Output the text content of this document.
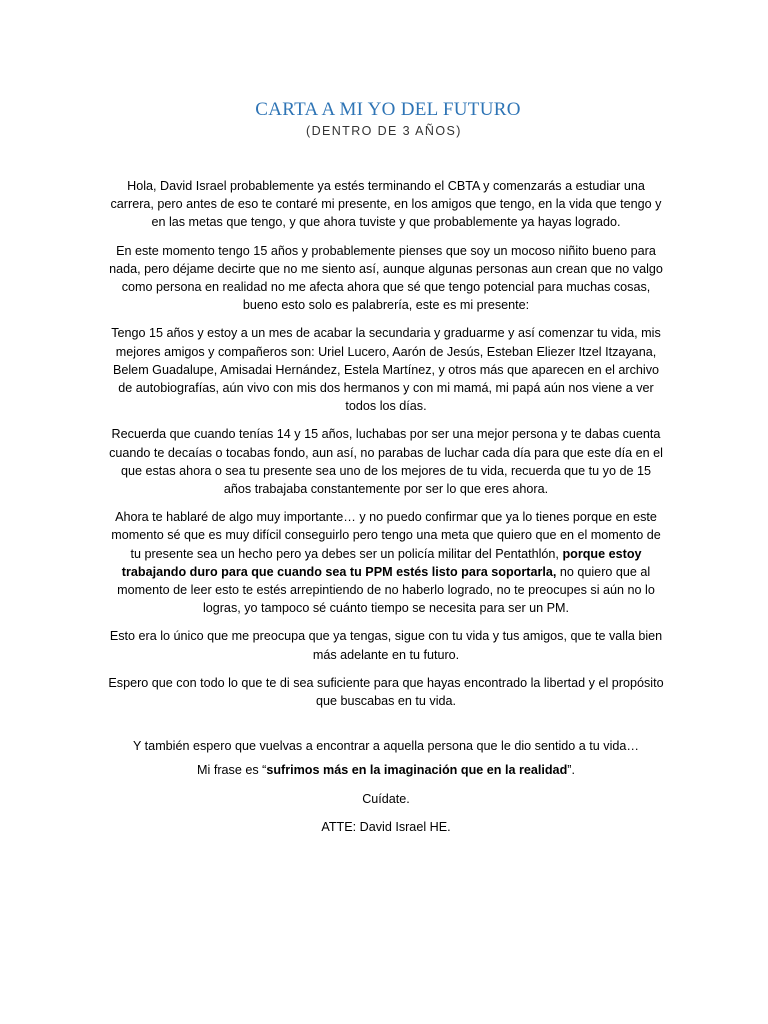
CARTA A MI YO DEL FUTURO
(DENTRO DE 3 AÑOS)

Hola, David Israel probablemente ya estés terminando el CBTA y comenzarás a estudiar una carrera, pero antes de eso te contaré mi presente, en los amigos que tengo, en la vida que tengo y en las metas que tengo, y que ahora tuviste y que probablemente ya hayas logrado.

En este momento tengo 15 años y probablemente pienses que soy un mocoso niñito bueno para nada, pero déjame decirte que no me siento así, aunque algunas personas aun crean que no valgo como persona en realidad no me afecta ahora que sé que tengo potencial para muchas cosas, bueno esto solo es palabrería, este es mi presente:

Tengo 15 años y estoy a un mes de acabar la secundaria y graduarme y así comenzar tu vida, mis mejores amigos y compañeros son: Uriel Lucero, Aarón de Jesús, Esteban Eliezer Itzel Itzayana, Belem Guadalupe, Amisadai Hernández, Estela Martínez, y otros más que aparecen en el archivo de autobiografías, aún vivo con mis dos hermanos y con mi mamá, mi papá aún nos viene a ver todos los días.

Recuerda que cuando tenías 14 y 15 años, luchabas por ser una mejor persona y te dabas cuenta cuando te decaías o tocabas fondo, aun así, no parabas de luchar cada día para que este día en el que estas ahora o sea tu presente sea uno de los mejores de tu vida, recuerda que tu yo de 15 años trabajaba constantemente por ser lo que eres ahora.

Ahora te hablaré de algo muy importante… y no puedo confirmar que ya lo tienes porque en este momento sé que es muy difícil conseguirlo pero tengo una meta que quiero que en el momento de tu presente sea un hecho pero ya debes ser un policía militar del Pentathlón, porque estoy trabajando duro para que cuando sea tu PPM estés listo para soportarla, no quiero que al momento de leer esto te estés arrepintiendo de no haberlo logrado, no te preocupes si aún no lo logras, yo tampoco sé cuánto tiempo se necesita para ser un PM.

Esto era lo único que me preocupa que ya tengas, sigue con tu vida y tus amigos, que te valla bien más adelante en tu futuro.

Espero que con todo lo que te di sea suficiente para que hayas encontrado la libertad y el propósito que buscabas en tu vida.

Y también espero que vuelvas a encontrar a aquella persona que le dio sentido a tu vida…

Mi frase es “sufrimos más en la imaginación que en la realidad”.

Cuídate.

ATTE: David Israel HE.
